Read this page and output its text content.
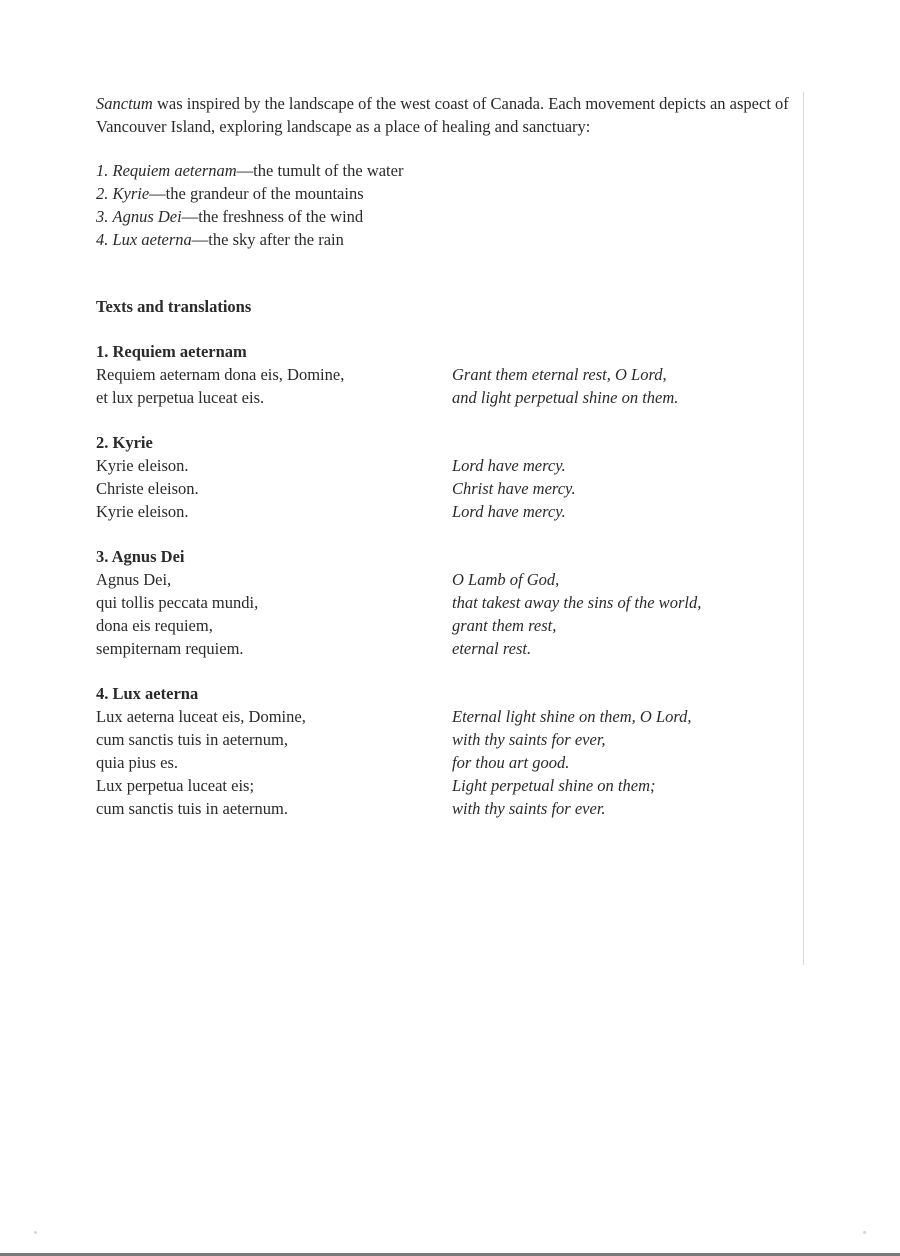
Sanctum was inspired by the landscape of the west coast of Canada. Each movement depicts an aspect of Vancouver Island, exploring landscape as a place of healing and sanctuary:

1. Requiem aeternam—the tumult of the water
2. Kyrie—the grandeur of the mountains
3. Agnus Dei—the freshness of the wind
4. Lux aeterna—the sky after the rain

Texts and translations

1. Requiem aeternam

Requiem aeternam dona eis, Domine,	Grant them eternal rest, O Lord,
et lux perpetua luceat eis.	and light perpetual shine on them.

2. Kyrie

Kyrie eleison.	Lord have mercy.
Christe eleison.	Christ have mercy.
Kyrie eleison.	Lord have mercy.

3. Agnus Dei

Agnus Dei,	O Lamb of God,
qui tollis peccata mundi,	that takest away the sins of the world,
dona eis requiem,	grant them rest,
sempiternam requiem.	eternal rest.

4. Lux aeterna

Lux aeterna luceat eis, Domine,	Eternal light shine on them, O Lord,
cum sanctis tuis in aeternum,	with thy saints for ever,
quia pius es.	for thou art good.
Lux perpetua luceat eis;	Light perpetual shine on them;
cum sanctis tuis in aeternum.	with thy saints for ever.
